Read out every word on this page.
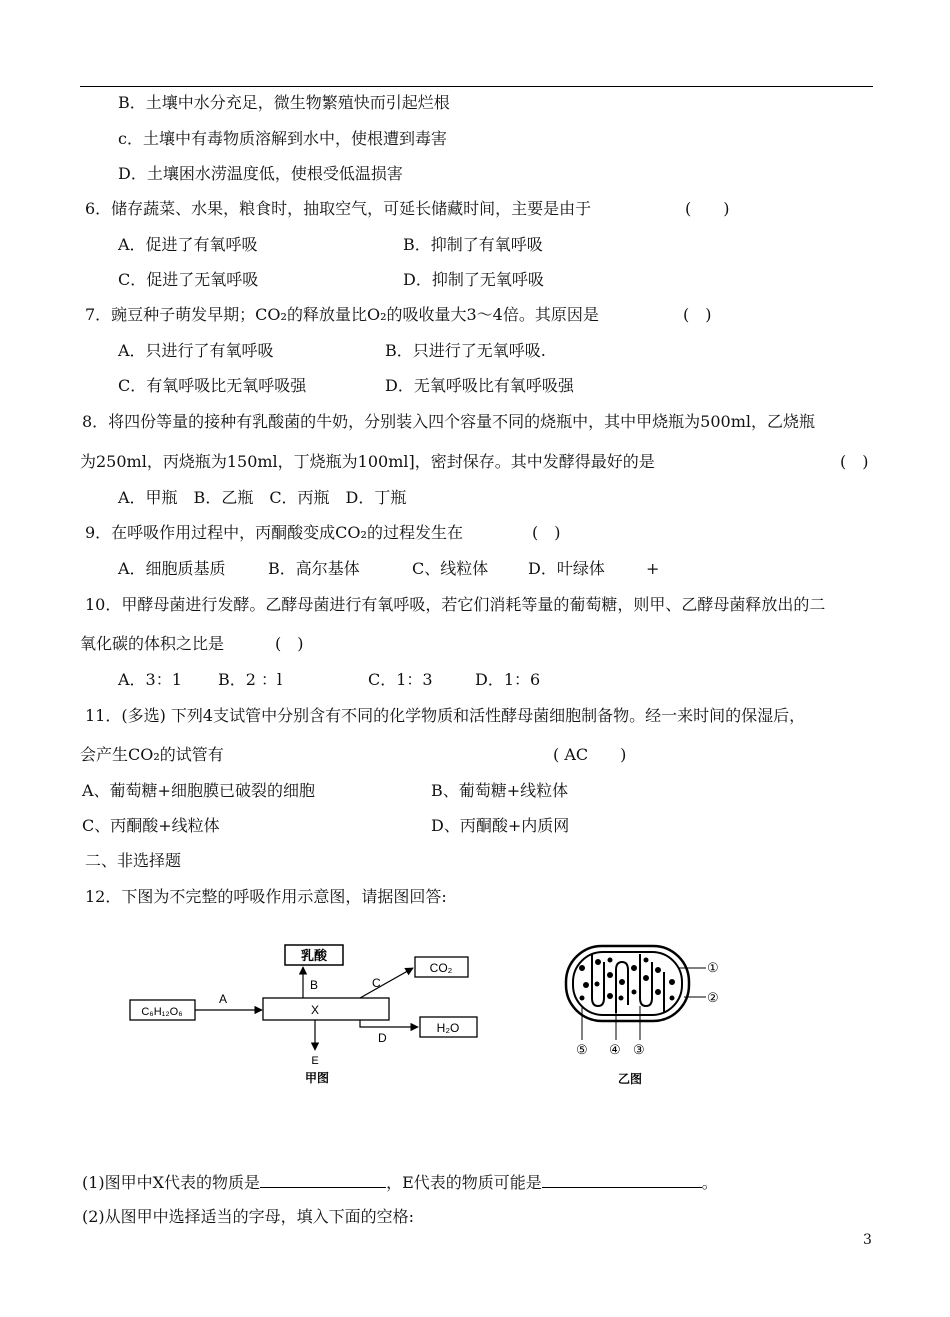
B．土壤中水分充足，微生物繁殖快而引起烂根
c．土壤中有毒物质溶解到水中，使根遭到毒害
D．土壤困水涝温度低，使根受低温损害
6．储存蔬菜、水果，粮食时，抽取空气，可延长储藏时间，主要是由于	(　　)
A．促进了有氧呼吸	B．抑制了有氧呼吸
C．促进了无氧呼吸	D．抑制了无氧呼吸
7．豌豆种子萌发早期；CO₂的释放量比O₂的吸收量大3～4倍。其原因是	(　)
A．只进行了有氧呼吸	B．只进行了无氧呼吸.
C．有氧呼吸比无氧呼吸强	D．无氧呼吸比有氧呼吸强
8．将四份等量的接种有乳酸菌的牛奶，分别装入四个容量不同的烧瓶中，其中甲烧瓶为500ml，乙烧瓶
为250ml，丙烧瓶为150ml，丁烧瓶为100ml]，密封保存。其中发酵得最好的是	(　)
A．甲瓶　B．乙瓶　C．丙瓶　D．丁瓶
9．在呼吸作用过程中，丙酮酸变成CO₂的过程发生在	(　)
A．细胞质基质	B．高尔基体	C、线粒体 D．叶绿体	+
10．甲酵母菌进行发酵。乙酵母菌进行有氧呼吸，若它们消耗等量的葡萄糖，则甲、乙酵母菌释放出的二
氧化碳的体积之比是	(　)
A．3：1 B．2 ：l	C．1：3	D．1：6
11．(多选) 下列4支试管中分别含有不同的化学物质和活性酵母菌细胞制备物。经一来时间的保湿后，
会产生CO₂的试管有	( AC　　)
A、葡萄糖+细胞膜已破裂的细胞	B、葡萄糖+线粒体
C、丙酮酸+线粒体	D、丙酮酸+内质网
二、非选择题
12．下图为不完整的呼吸作用示意图，请据图回答:
乳酸
CO₂
C₆H₁₂O₆	X
H₂O
A
B	C
D
E
甲图
①
②
⑤ ④ ③
乙图
(1)图甲中X代表的物质是	，E代表的物质可能是	。
(2)从图甲中选择适当的字母，填入下面的空格:
3
